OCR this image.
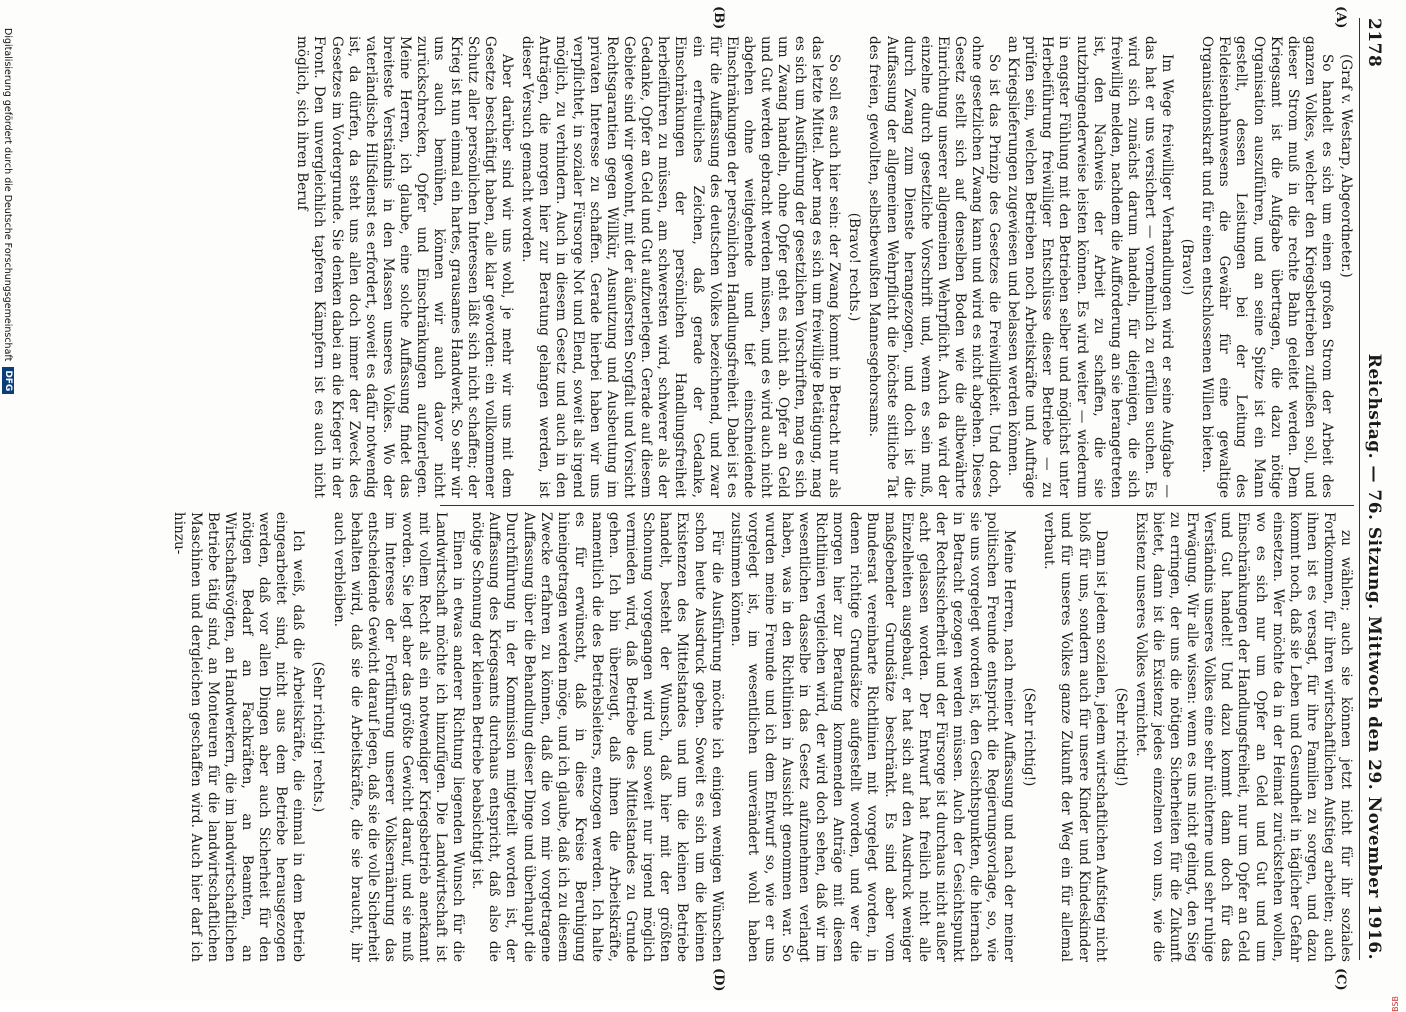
2178
Reichstag. — 76. Sitzung. Mittwoch den 29. November 1916.
(A)
(B)
(C)
(D)

(Graf v. Westarp, Abgeordneter.)

So handelt es sich um einen großen Strom der Arbeit des ganzen Volkes, welcher den Kriegsbetrieben zufließen soll, und dieser Strom muß in die rechte Bahn geleitet werden. Dem Kriegsamt ist die Aufgabe übertragen, die dazu nötige Organisation auszuführen, und an seine Spitze ist ein Mann gestellt, dessen Leistungen bei der Leitung des Feldeisenbahnwesens die Gewähr für eine gewaltige Organisationskraft und für einen entschlossenen Willen bieten.

(Bravo!)

Im Wege freiwilliger Verhandlungen wird er seine Aufgabe — das hat er uns versichert — vornehmlich zu erfüllen suchen. Es wird sich zunächst darum handeln, für diejenigen, die sich freiwillig melden, nachdem die Aufforderung an sie herangetreten ist, den Nachweis der Arbeit zu schaffen, die sie nutzbringenderweise leisten können. Es wird weiter — wiederum in engster Fühlung mit den Betrieben selber und möglichst unter Herbeiführung freiwilliger Entschlüsse dieser Betriebe — zu prüfen sein, welchen Betrieben noch Arbeitskräfte und Aufträge an Kriegslieferungen zugewiesen und belassen werden können.

So ist das Prinzip des Gesetzes die Freiwilligkeit. Und doch, ohne gesetzlichen Zwang kann und wird es nicht abgehen. Dieses Gesetz stellt sich auf denselben Boden wie die altbewährte Einrichtung unserer allgemeinen Wehrpflicht. Auch da wird der einzelne durch gesetzliche Vorschrift und, wenn es sein muß, durch Zwang zum Dienste herangezogen, und doch ist die Auffassung der allgemeinen Wehrpflicht die höchste sittliche Tat des freien, gewollten, selbstbewußten Mannesgehorsams.

(Bravo! rechts.)

So soll es auch hier sein: der Zwang kommt in Betracht nur als das letzte Mittel. Aber mag es sich um freiwillige Betätigung, mag es sich um Ausführung der gesetzlichen Vorschriften, mag es sich um Zwang handeln, ohne Opfer geht es nicht ab. Opfer an Geld und Gut werden gebracht werden müssen, und es wird auch nicht abgehen ohne weitgehende und tief einschneidende Einschränkungen der persönlichen Handlungsfreiheit. Dabei ist es für die Auffassung des deutschen Volkes bezeichnend, und zwar ein erfreuliches Zeichen, daß gerade der Gedanke, Einschränkungen der persönlichen Handlungsfreiheit herbeiführen zu müssen, am schwersten wird, schwerer als der Gedanke, Opfer an Geld und Gut aufzuerlegen. Gerade auf diesem Gebiete sind wir gewohnt, mit der äußersten Sorgfalt und Vorsicht Rechtsgarantien gegen Willkür, Ausnutzung und Ausbeutung im privaten Interesse zu schaffen. Gerade hierbei haben wir uns verpflichtet, in sozialer Fürsorge Not und Elend, soweit als irgend möglich, zu verhindern. Auch in diesem Gesetz und auch in den Anträgen, die morgen hier zur Beratung gelangen werden, ist dieser Versuch gemacht worden.

Aber darüber sind wir uns wohl, je mehr wir uns mit dem Gesetze beschäftigt haben, alle klar geworden: ein vollkommener Schutz aller persönlichen Interessen läßt sich nicht schaffen; der Krieg ist nun einmal ein hartes, grausames Handwerk. So sehr wir uns auch bemühen, können wir auch davor nicht zurückschrecken, Opfer und Einschränkungen aufzuerlegen. Meine Herren, ich glaube, eine solche Auffassung findet das breiteste Verständnis in den Massen unseres Volkes. Wo der vaterländische Hilfsdienst es erfordert, soweit es dafür notwendig ist, da dürfen, da steht uns allen doch immer der Zweck des Gesetzes im Vordergrunde. Sie denken dabei an die Krieger in der Front. Den unvergleichlich tapferen Kämpfern ist es auch nicht möglich, sich ihren Beruf

zu wählen; auch sie können jetzt nicht für ihr soziales Fortkommen, für ihren wirtschaftlichen Aufstieg arbeiten; auch ihnen ist es versagt, für ihre Familien zu sorgen, und dazu kommt noch, daß sie Leben und Gesundheit in täglicher Gefahr einsetzen. Wer möchte da in der Heimat zurückstehen wollen, wo es sich nur um Opfer an Geld und Gut und um Einschränkungen der Handlungsfreiheit, nur um Opfer an Geld und Gut handelt! Und dazu kommt dann doch für das Verständnis unseres Volkes eine sehr nüchterne und sehr ruhige Erwägung. Wir alle wissen: wenn es uns nicht gelingt, den Sieg zu erringen, der uns die nötigen Sicherheiten für die Zukunft bietet, dann ist die Existenz jedes einzelnen von uns, wie die Existenz unseres Volkes vernichtet.

(Sehr richtig!)

Dann ist jedem sozialen, jedem wirtschaftlichen Aufstieg nicht bloß für uns, sondern auch für unsere Kinder und Kindeskinder und für unseres Volkes ganze Zukunft der Weg ein für allemal verbaut.

(Sehr richtig!)

Meine Herren, nach meiner Auffassung und nach der meiner politischen Freunde entspricht die Regierungsvorlage, so, wie sie uns vorgelegt worden ist, den Gesichtspunkten, die hiernach in Betracht gezogen werden müssen. Auch der Gesichtspunkt der Rechtssicherheit und der Fürsorge ist durchaus nicht außer acht gelassen worden. Der Entwurf hat freilich nicht alle Einzelheiten ausgebaut, er hat sich auf den Ausdruck weniger maßgebender Grundsätze beschränkt. Es sind aber vom Bundesrat vereinbarte Richtlinien mit vorgelegt worden, in denen richtige Grundsätze aufgestellt worden, und wer die morgen hier zur Beratung kommenden Anträge mit diesen Richtlinien vergleichen wird, der wird doch sehen, daß wir im wesentlichen dasselbe in das Gesetz aufzunehmen verlangt haben, was in den Richtlinien in Aussicht genommen war. So wurden meine Freunde und ich dem Entwurf so, wie er uns vorgelegt ist, im wesentlichen unverändert wohl haben zustimmen können.

Für die Ausführung möchte ich einigen wenigen Wünschen schon heute Ausdruck geben. Soweit es sich um die kleinen Existenzen des Mittelstandes und um die kleinen Betriebe handelt, besteht der Wunsch, daß hier mit der größten Schonung vorgegangen wird und soweit nur irgend möglich vermieden wird, daß Betriebe des Mittelstandes zu Grunde gehen. Ich bin überzeugt, daß ihnen die Arbeitskräfte, namentlich die des Betriebsleiters, entzogen werden. Ich halte es für erwünscht, daß in diese Kreise Beruhigung hineingetragen werden möge, und ich glaube, daß ich zu diesem Zwecke erfahren zu können, daß die von mir vorgetragene Auffassung über die Behandlung dieser Dinge und überhaupt die Durchführung in der Kommission mitgeteilt worden ist, der Auffassung des Kriegsamts durchaus entspricht, daß also die nötige Schonung der kleinen Betriebe beabsichtigt ist.

Einen in etwas anderer Richtung liegenden Wunsch für die Landwirtschaft möchte ich hinzufügen. Die Landwirtschaft ist mit vollem Recht als ein notwendiger Kriegsbetrieb anerkannt worden. Sie legt aber das größte Gewicht darauf, und sie muß im Interesse der Fortführung unserer Volksernährung das entscheidende Gewicht darauf legen, daß sie die volle Sicherheit behalten wird, daß sie die Arbeitskräfte, die sie braucht, ihr auch verbleiben.

(Sehr richtig! rechts.)

Ich weiß, daß die Arbeitskräfte, die einmal in dem Betrieb eingearbeitet sind, nicht aus dem Betriebe herausgezogen werden, daß vor allen Dingen aber auch Sicherheit für den nötigen Bedarf an Fachkräften, an Beamten, an Wirtschaftsvögten, an Handwerkern, die im landwirtschaftlichen Betriebe tätig sind, an Monteuren für die landwirtschaftlichen Maschinen und dergleichen geschaffen wird. Auch hier darf ich hinzu-

Digitalisierung gefördert durch die Deutsche Forschungsgemeinschaft
DFG
BSB
